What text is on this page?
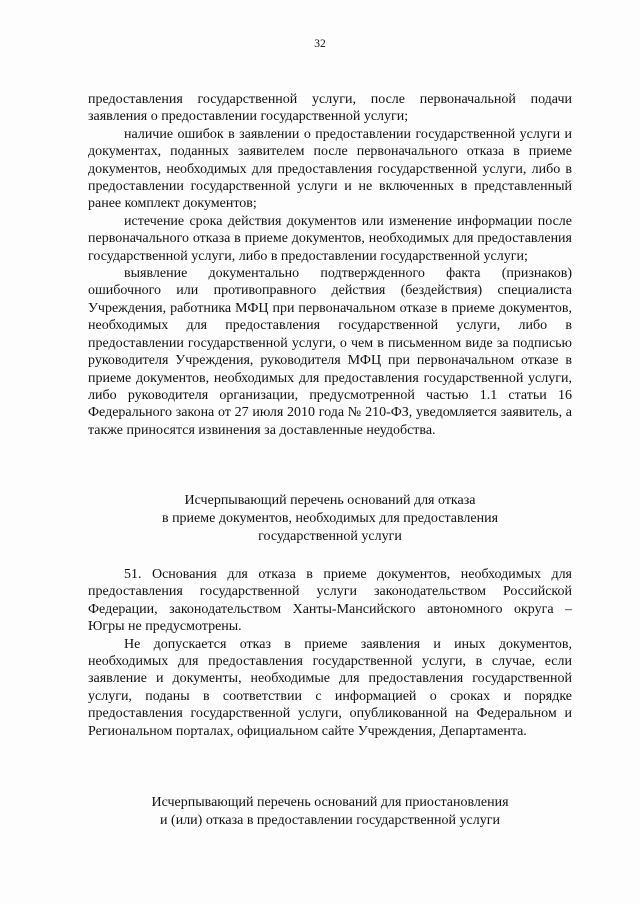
32

предоставления государственной услуги, после первоначальной подачи заявления о предоставлении государственной услуги;

наличие ошибок в заявлении о предоставлении государственной услуги и документах, поданных заявителем после первоначального отказа в приеме документов, необходимых для предоставления государственной услуги, либо в предоставлении государственной услуги и не включенных в представленный ранее комплект документов;

истечение срока действия документов или изменение информации после первоначального отказа в приеме документов, необходимых для предоставления государственной услуги, либо в предоставлении государственной услуги;

выявление документально подтвержденного факта (признаков) ошибочного или противоправного действия (бездействия) специалиста Учреждения, работника МФЦ при первоначальном отказе в приеме документов, необходимых для предоставления государственной услуги, либо в предоставлении государственной услуги, о чем в письменном виде за подписью руководителя Учреждения, руководителя МФЦ при первоначальном отказе в приеме документов, необходимых для предоставления государственной услуги, либо руководителя организации, предусмотренной частью 1.1 статьи 16 Федерального закона от 27 июля 2010 года № 210-ФЗ, уведомляется заявитель, а также приносятся извинения за доставленные неудобства.

Исчерпывающий перечень оснований для отказа
в приеме документов, необходимых для предоставления
государственной услуги

51. Основания для отказа в приеме документов, необходимых для предоставления государственной услуги законодательством Российской Федерации, законодательством Ханты-Мансийского автономного округа – Югры не предусмотрены.

Не допускается отказ в приеме заявления и иных документов, необходимых для предоставления государственной услуги, в случае, если заявление и документы, необходимые для предоставления государственной услуги, поданы в соответствии с информацией о сроках и порядке предоставления государственной услуги, опубликованной на Федеральном и Региональном порталах, официальном сайте Учреждения, Департамента.

Исчерпывающий перечень оснований для приостановления
и (или) отказа в предоставлении государственной услуги
